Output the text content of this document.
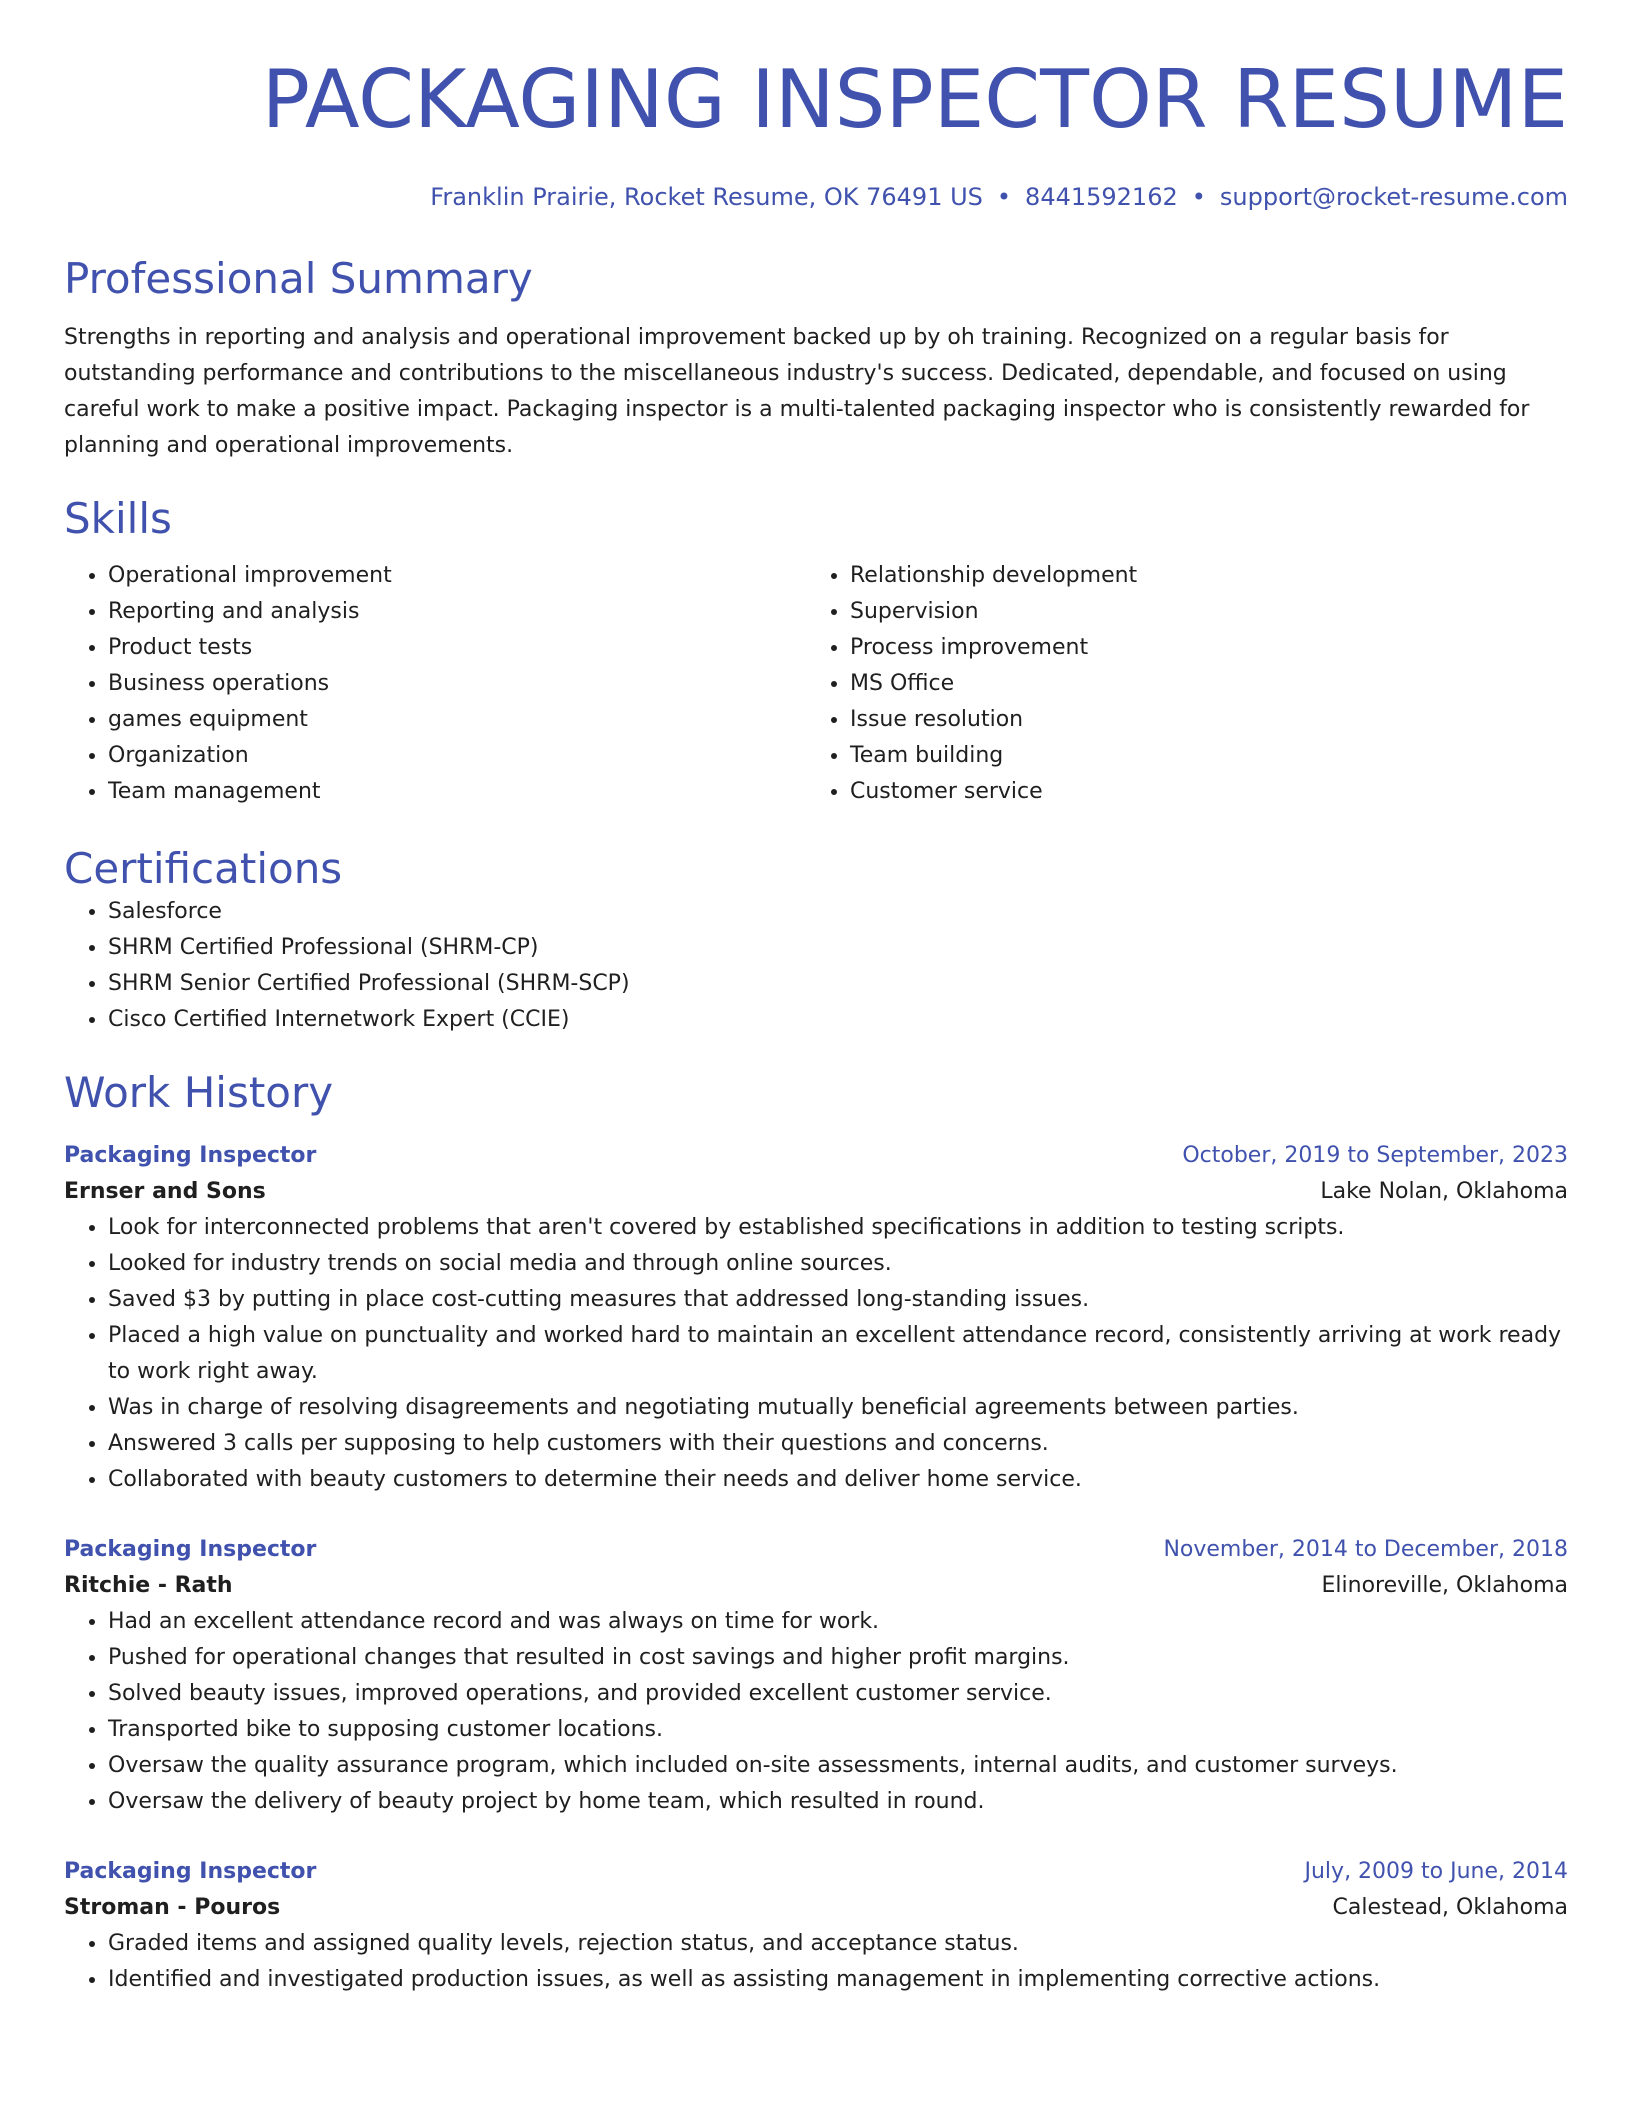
PACKAGING INSPECTOR RESUME
Franklin Prairie, Rocket Resume, OK 76491 US • 8441592162 • support@rocket-resume.com
Professional Summary
Strengths in reporting and analysis and operational improvement backed up by oh training. Recognized on a regular basis for outstanding performance and contributions to the miscellaneous industry's success. Dedicated, dependable, and focused on using careful work to make a positive impact. Packaging inspector is a multi-talented packaging inspector who is consistently rewarded for planning and operational improvements.
Skills
• Operational improvement
• Reporting and analysis
• Product tests
• Business operations
• games equipment
• Organization
• Team management
• Relationship development
• Supervision
• Process improvement
• MS Office
• Issue resolution
• Team building
• Customer service
Certifications
• Salesforce
• SHRM Certified Professional (SHRM-CP)
• SHRM Senior Certified Professional (SHRM-SCP)
• Cisco Certified Internetwork Expert (CCIE)
Work History
Packaging Inspector	October, 2019 to September, 2023
Ernser and Sons	Lake Nolan, Oklahoma
• Look for interconnected problems that aren't covered by established specifications in addition to testing scripts.
• Looked for industry trends on social media and through online sources.
• Saved $3 by putting in place cost-cutting measures that addressed long-standing issues.
• Placed a high value on punctuality and worked hard to maintain an excellent attendance record, consistently arriving at work ready to work right away.
• Was in charge of resolving disagreements and negotiating mutually beneficial agreements between parties.
• Answered 3 calls per supposing to help customers with their questions and concerns.
• Collaborated with beauty customers to determine their needs and deliver home service.
Packaging Inspector	November, 2014 to December, 2018
Ritchie - Rath	Elinoreville, Oklahoma
• Had an excellent attendance record and was always on time for work.
• Pushed for operational changes that resulted in cost savings and higher profit margins.
• Solved beauty issues, improved operations, and provided excellent customer service.
• Transported bike to supposing customer locations.
• Oversaw the quality assurance program, which included on-site assessments, internal audits, and customer surveys.
• Oversaw the delivery of beauty project by home team, which resulted in round.
Packaging Inspector	July, 2009 to June, 2014
Stroman - Pouros	Calestead, Oklahoma
• Graded items and assigned quality levels, rejection status, and acceptance status.
• Identified and investigated production issues, as well as assisting management in implementing corrective actions.
